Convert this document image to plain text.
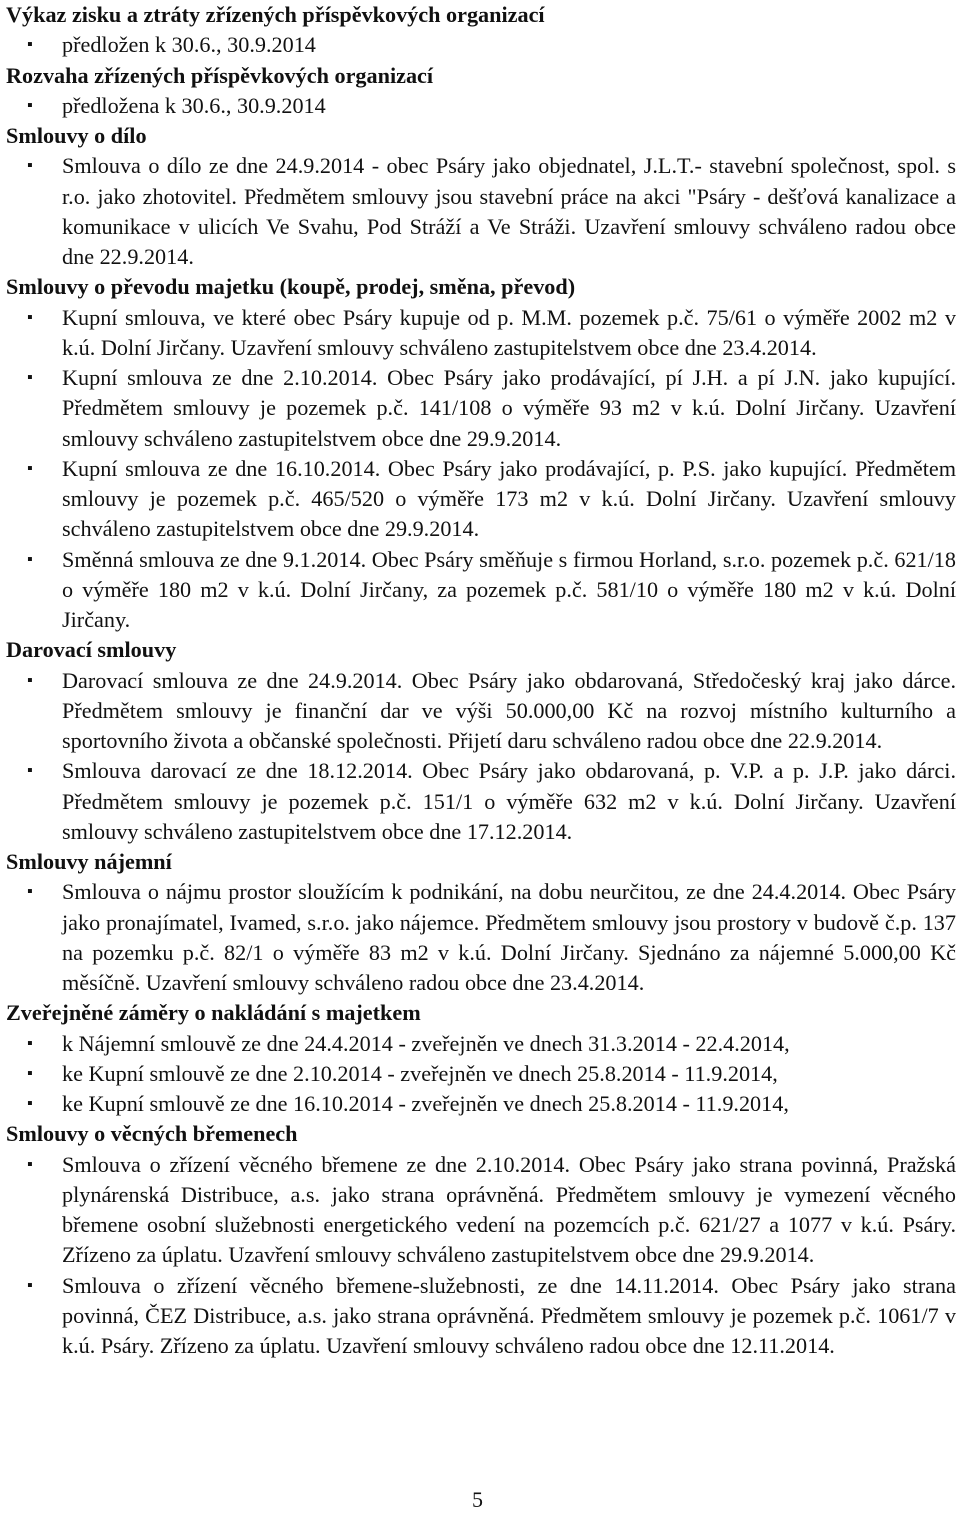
Výkaz zisku a ztráty zřízených příspěvkových organizací
▪ předložen k 30.6., 30.9.2014
Rozvaha zřízených příspěvkových organizací
▪ předložena k 30.6., 30.9.2014
Smlouvy o dílo
▪ Smlouva o dílo ze dne 24.9.2014 - obec Psáry jako objednatel, J.L.T.- stavební společnost, spol. s r.o. jako zhotovitel. Předmětem smlouvy jsou stavební práce na akci "Psáry - dešťová kanalizace a komunikace v ulicích Ve Svahu, Pod Stráží a Ve Stráži. Uzavření smlouvy schváleno radou obce dne 22.9.2014.
Smlouvy o převodu majetku (koupě, prodej, směna, převod)
▪ Kupní smlouva, ve které obec Psáry kupuje od p. M.M. pozemek p.č. 75/61 o výměře 2002 m2 v k.ú. Dolní Jirčany. Uzavření smlouvy schváleno zastupitelstvem obce dne 23.4.2014.
▪ Kupní smlouva ze dne 2.10.2014. Obec Psáry jako prodávající, pí J.H. a pí J.N. jako kupující. Předmětem smlouvy je pozemek p.č. 141/108 o výměře 93 m2 v k.ú. Dolní Jirčany. Uzavření smlouvy schváleno zastupitelstvem obce dne 29.9.2014.
▪ Kupní smlouva ze dne 16.10.2014. Obec Psáry jako prodávající, p. P.S. jako kupující. Předmětem smlouvy je pozemek p.č. 465/520 o výměře 173 m2 v k.ú. Dolní Jirčany. Uzavření smlouvy schváleno zastupitelstvem obce dne 29.9.2014.
▪ Směnná smlouva ze dne 9.1.2014. Obec Psáry směňuje s firmou Horland, s.r.o. pozemek p.č. 621/18 o výměře 180 m2 v k.ú. Dolní Jirčany, za pozemek p.č. 581/10 o výměře 180 m2 v k.ú. Dolní Jirčany.
Darovací smlouvy
▪ Darovací smlouva ze dne 24.9.2014. Obec Psáry jako obdarovaná, Středočeský kraj jako dárce. Předmětem smlouvy je finanční dar ve výši 50.000,00 Kč na rozvoj místního kulturního a sportovního života a občanské společnosti. Přijetí daru schváleno radou obce dne 22.9.2014.
▪ Smlouva darovací ze dne 18.12.2014. Obec Psáry jako obdarovaná, p. V.P. a p. J.P. jako dárci. Předmětem smlouvy je pozemek p.č. 151/1 o výměře 632 m2 v k.ú. Dolní Jirčany. Uzavření smlouvy schváleno zastupitelstvem obce dne 17.12.2014.
Smlouvy nájemní
▪ Smlouva o nájmu prostor sloužícím k podnikání, na dobu neurčitou, ze dne 24.4.2014. Obec Psáry jako pronajímatel, Ivamed, s.r.o. jako nájemce. Předmětem smlouvy jsou prostory v budově č.p. 137 na pozemku p.č. 82/1 o výměře 83 m2 v k.ú. Dolní Jirčany. Sjednáno za nájemné 5.000,00 Kč měsíčně. Uzavření smlouvy schváleno radou obce dne 23.4.2014.
Zveřejněné záměry o nakládání s majetkem
▪ k Nájemní smlouvě ze dne 24.4.2014 - zveřejněn ve dnech 31.3.2014 - 22.4.2014,
▪ ke Kupní smlouvě ze dne 2.10.2014 - zveřejněn ve dnech 25.8.2014 - 11.9.2014,
▪ ke Kupní smlouvě ze dne 16.10.2014 - zveřejněn ve dnech 25.8.2014 - 11.9.2014,
Smlouvy o věcných břemenech
▪ Smlouva o zřízení věcného břemene ze dne 2.10.2014. Obec Psáry jako strana povinná, Pražská plynárenská Distribuce, a.s. jako strana oprávněná. Předmětem smlouvy je vymezení věcného břemene osobní služebnosti energetického vedení na pozemcích p.č. 621/27 a 1077 v k.ú. Psáry. Zřízeno za úplatu. Uzavření smlouvy schváleno zastupitelstvem obce dne 29.9.2014.
▪ Smlouva o zřízení věcného břemene-služebnosti, ze dne 14.11.2014. Obec Psáry jako strana povinná, ČEZ Distribuce, a.s. jako strana oprávněná. Předmětem smlouvy je pozemek p.č. 1061/7 v k.ú. Psáry. Zřízeno za úplatu. Uzavření smlouvy schváleno radou obce dne 12.11.2014.
5
